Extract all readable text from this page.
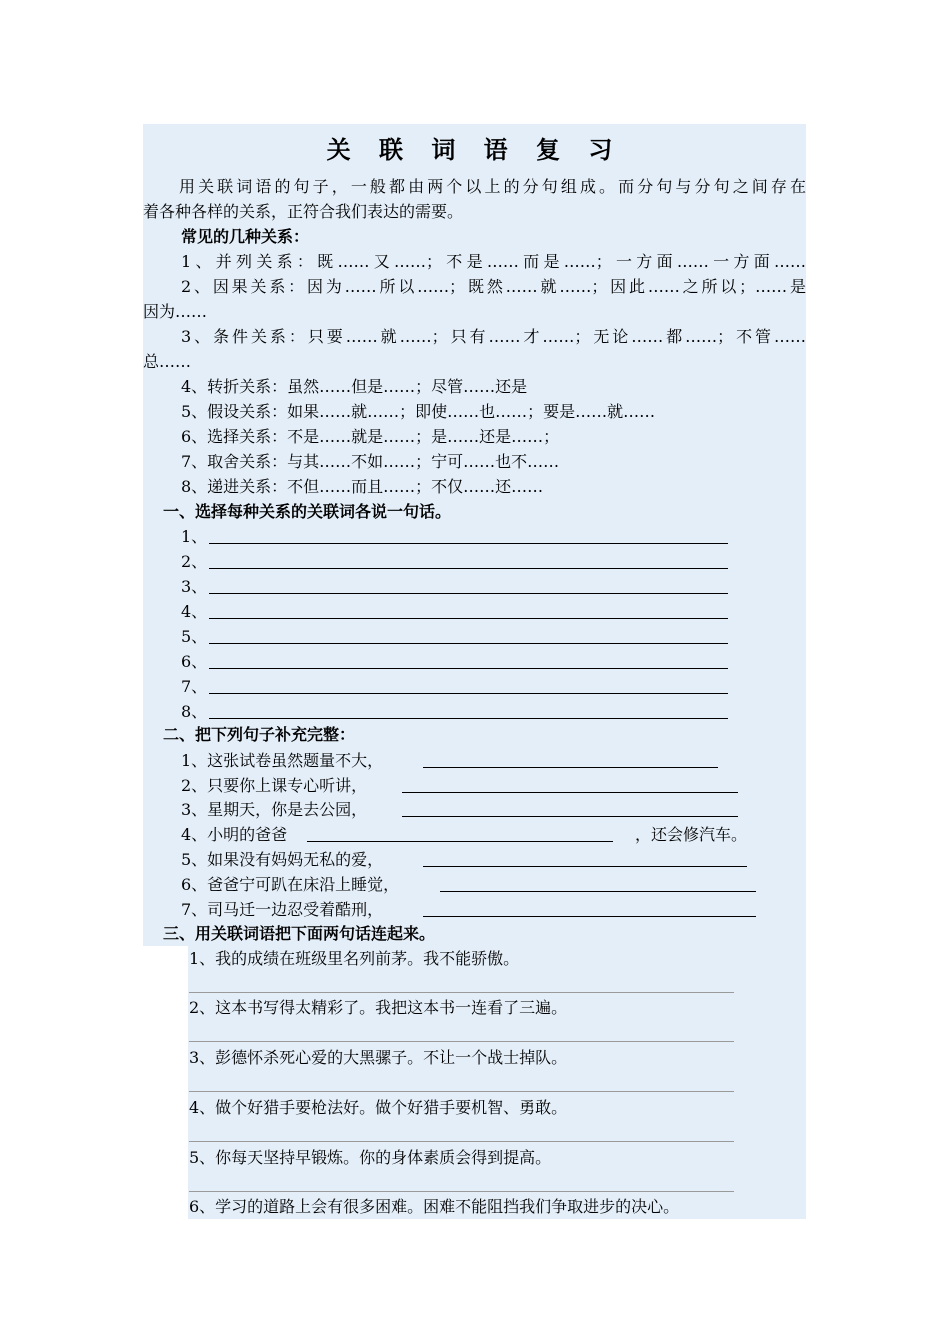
关 联 词 语 复 习
用关联词语的句子，一般都由两个以上的分句组成。而分句与分句之间存在
着各种各样的关系，正符合我们表达的需要。
常见的几种关系：
1、并列关系：既……又……；不是……而是……；一方面……一方面……
2、因果关系：因为……所以……；既然……就……；因此……之所以；……是
因为……
3、条件关系：只要……就……；只有……才……；无论……都……；不管……
总……
4、转折关系：虽然……但是……；尽管……还是
5、假设关系：如果……就……；即使……也……；要是……就……
6、选择关系：不是……就是……；是……还是……；
7、取舍关系：与其……不如……；宁可……也不……
8、递进关系：不但……而且……；不仅……还……
一、选择每种关系的关联词各说一句话。
1、
2、
3、
4、
5、
6、
7、
8、
二、把下列句子补充完整：
1、这张试卷虽然题量不大，
2、只要你上课专心听讲，
3、星期天，你是去公园，
4、小明的爸爸	，还会修汽车。
5、如果没有妈妈无私的爱，
6、爸爸宁可趴在床沿上睡觉，
7、司马迁一边忍受着酷刑，
三、用关联词语把下面两句话连起来。
1、我的成绩在班级里名列前茅。我不能骄傲。
2、这本书写得太精彩了。我把这本书一连看了三遍。
3、彭德怀杀死心爱的大黑骡子。不让一个战士掉队。
4、做个好猎手要枪法好。做个好猎手要机智、勇敢。
5、你每天坚持早锻炼。你的身体素质会得到提高。
6、学习的道路上会有很多困难。困难不能阻挡我们争取进步的决心。
